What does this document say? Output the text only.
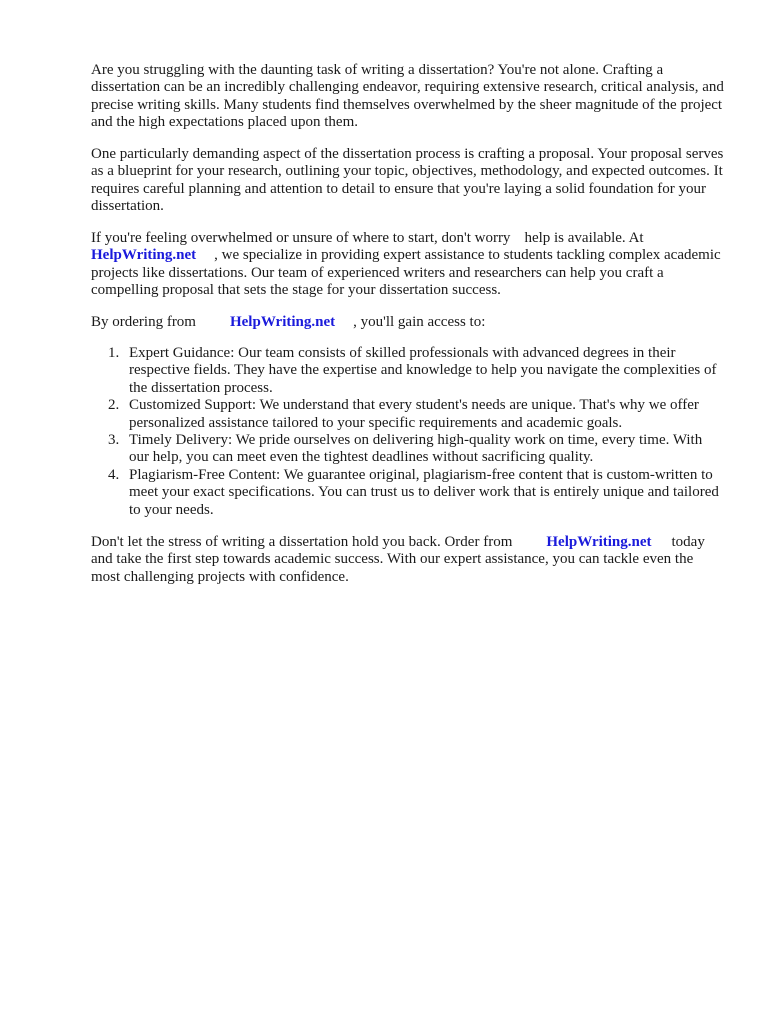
Are you struggling with the daunting task of writing a dissertation? You're not alone. Crafting a dissertation can be an incredibly challenging endeavor, requiring extensive research, critical analysis, and precise writing skills. Many students find themselves overwhelmed by the sheer magnitude of the project and the high expectations placed upon them.

One particularly demanding aspect of the dissertation process is crafting a proposal. Your proposal serves as a blueprint for your research, outlining your topic, objectives, methodology, and expected outcomes. It requires careful planning and attention to detail to ensure that you're laying a solid foundation for your dissertation.

If you're feeling overwhelmed or unsure of where to start, don't worry help is available. At
HelpWriting.net , we specialize in providing expert assistance to students tackling complex academic projects like dissertations. Our team of experienced writers and researchers can help you craft a compelling proposal that sets the stage for your dissertation success.

By ordering from HelpWriting.net , you'll gain access to:

1. Expert Guidance: Our team consists of skilled professionals with advanced degrees in their respective fields. They have the expertise and knowledge to help you navigate the complexities of the dissertation process.
2. Customized Support: We understand that every student's needs are unique. That's why we offer personalized assistance tailored to your specific requirements and academic goals.
3. Timely Delivery: We pride ourselves on delivering high-quality work on time, every time. With our help, you can meet even the tightest deadlines without sacrificing quality.
4. Plagiarism-Free Content: We guarantee original, plagiarism-free content that is custom-written to meet your exact specifications. You can trust us to deliver work that is entirely unique and tailored to your needs.

Don't let the stress of writing a dissertation hold you back. Order from HelpWriting.net today and take the first step towards academic success. With our expert assistance, you can tackle even the most challenging projects with confidence.
